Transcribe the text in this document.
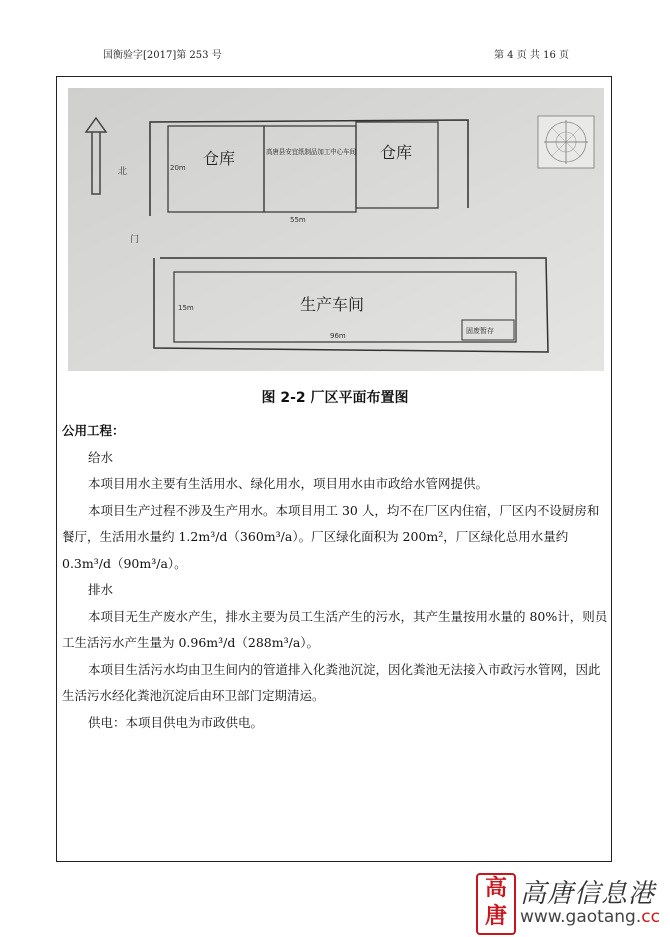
国衡验字[2017]第 253 号	第 4 页 共 16 页
北
仓库
20m
高唐县安宜纸制品加工中心车间 仓库
55m
门
生产车间
15m
96m
固废暂存
图 2-2 厂区平面布置图

公用工程：

给水

本项目用水主要有生活用水、绿化用水，项目用水由市政给水管网提供。

本项目生产过程不涉及生产用水。本项目用工 30 人，均不在厂区内住宿，厂区内不设厨房和餐厅，生活用水量约 1.2m³/d（360m³/a）。厂区绿化面积为 200m²，厂区绿化总用水量约 0.3m³/d（90m³/a）。

排水

本项目无生产废水产生，排水主要为员工生活产生的污水，其产生量按用水量的 80%计，则员工生活污水产生量为 0.96m³/d（288m³/a）。

本项目生活污水均由卫生间内的管道排入化粪池沉淀，因化粪池无法接入市政污水管网，因此生活污水经化粪池沉淀后由环卫部门定期清运。

供电：本项目供电为市政供电。

高唐
高唐信息港
www.gaotang.cc
